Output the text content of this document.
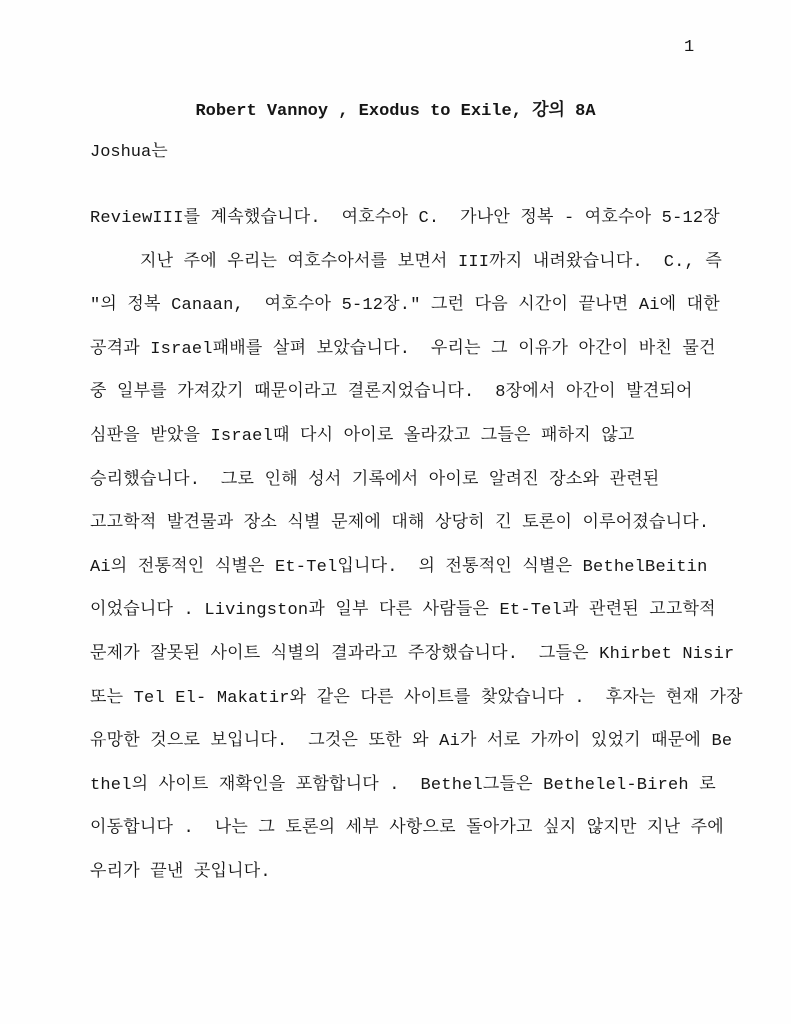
1
Robert Vannoy , Exodus to Exile, 강의 8A
Joshua는
ReviewIII를 계속했습니다.  여호수아 C.  가나안 정복 - 여호수아 5-12장
지난 주에 우리는 여호수아서를 보면서 III까지 내려왔습니다.  C., 즉
″의 정복 Canaan,  여호수아 5-12장.″ 그런 다음 시간이 끝나면 Ai에 대한
공격과 Israel패배를 살펴 보았습니다.  우리는 그 이유가 아간이 바친 물건
중 일부를 가져갔기 때문이라고 결론지었습니다.  8장에서 아간이 발견되어
심판을 받았을 Israel때 다시 아이로 올라갔고 그들은 패하지 않고
승리했습니다.  그로 인해 성서 기록에서 아이로 알려진 장소와 관련된
고고학적 발견물과 장소 식별 문제에 대해 상당히 긴 토론이 이루어졌습니다.
Ai의 전통적인 식별은 Et-Tel입니다.  의 전통적인 식별은 BethelBeitin
이었습니다 . Livingston과 일부 다른 사람들은 Et-Tel과 관련된 고고학적
문제가 잘못된 사이트 식별의 결과라고 주장했습니다.  그들은 Khirbet Nisir
또는 Tel El- Makatir와 같은 다른 사이트를 찾았습니다 .  후자는 현재 가장
유망한 것으로 보입니다.  그것은 또한 와 Ai가 서로 가까이 있었기 때문에 Be
thel의 사이트 재확인을 포함합니다 .  Bethel그들은 Bethelel-Bireh 로
이동합니다 .  나는 그 토론의 세부 사항으로 돌아가고 싶지 않지만 지난 주에
우리가 끝낸 곳입니다.
